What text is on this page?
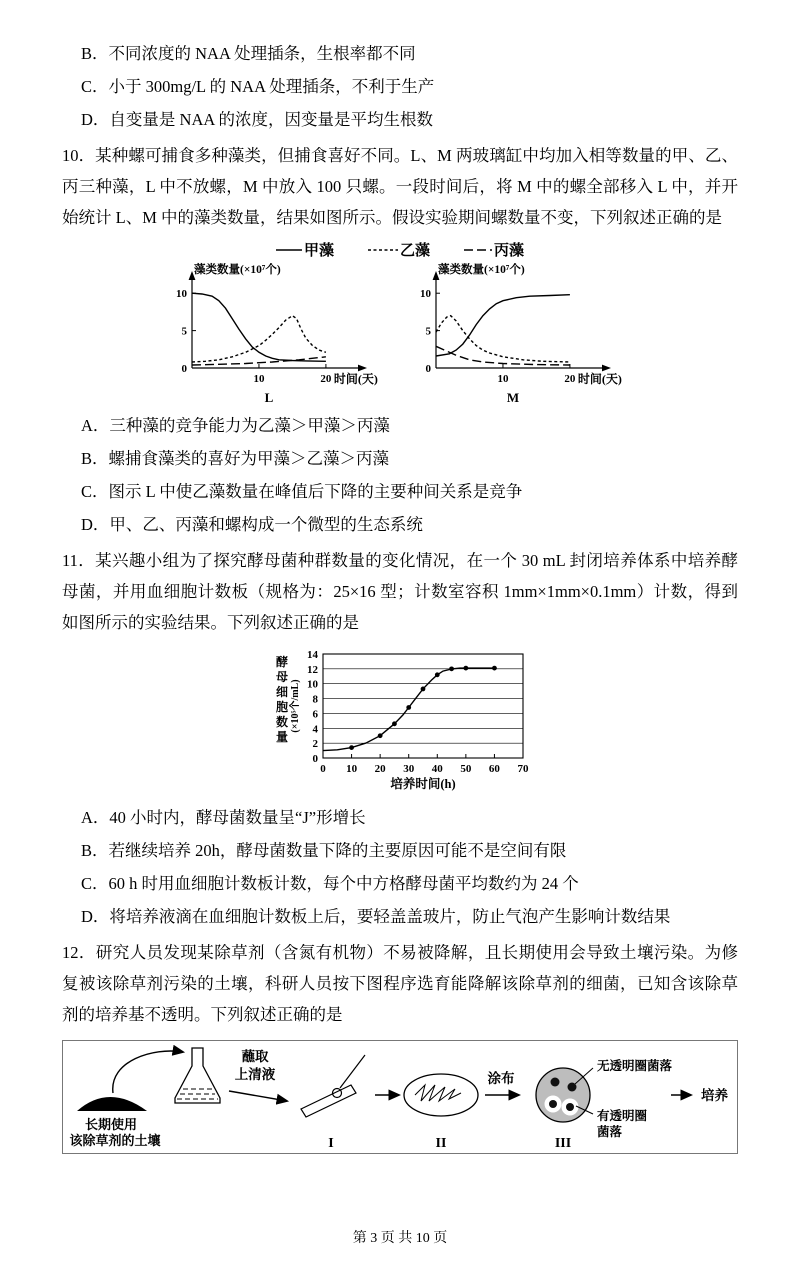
B．不同浓度的 NAA 处理插条，生根率都不同

C．小于 300mg/L 的 NAA 处理插条，不利于生产

D．自变量是 NAA 的浓度，因变量是平均生根数

10．某种螺可捕食多种藻类，但捕食喜好不同。L、M 两玻璃缸中均加入相等数量的甲、乙、丙三种藻，L 中不放螺，M 中放入 100 只螺。一段时间后，将 M 中的螺全部移入 L 中，并开始统计 L、M 中的藻类数量，结果如图所示。假设实验期间螺数量不变，下列叙述正确的是

甲藻	乙藻	丙藻
10	20
0
5
10
藻类数量(×10⁷个)
时间(天)
L
10	20
0
5
10
藻类数量(×10⁷个)
时间(天)
M

A．三种藻的竞争能力为乙藻＞甲藻＞丙藻

B．螺捕食藻类的喜好为甲藻＞乙藻＞丙藻

C．图示 L 中使乙藻数量在峰值后下降的主要种间关系是竞争

D．甲、乙、丙藻和螺构成一个微型的生态系统

11．某兴趣小组为了探究酵母菌种群数量的变化情况，在一个 30 mL 封闭培养体系中培养酵母菌，并用血细胞计数板（规格为：25×16 型；计数室容积 1mm×1mm×0.1mm）计数，得到如图所示的实验结果。下列叙述正确的是

0 10 20 30 40 50 60 70
0
2
4
6
8
10
12
14
培养时间(h)
酵
母
细
胞
数
量
(×10⁵个/mL)

A．40 小时内，酵母菌数量呈“J”形增长

B．若继续培养 20h，酵母菌数量下降的主要原因可能不是空间有限

C．60 h 时用血细胞计数板计数，每个中方格酵母菌平均数约为 24 个

D．将培养液滴在血细胞计数板上后，要轻盖盖玻片，防止气泡产生影响计数结果

12．研究人员发现某除草剂（含氮有机物）不易被降解，且长期使用会导致土壤污染。为修复被该除草剂污染的土壤，科研人员按下图程序选育能降解该除草剂的细菌，已知含该除草剂的培养基不透明。下列叙述正确的是

长期使用
该除草剂的土壤
蘸取
上清液
I	II
涂布
III
无透明圈菌落
有透明圈
菌落
培养
第 3 页 共 10 页
